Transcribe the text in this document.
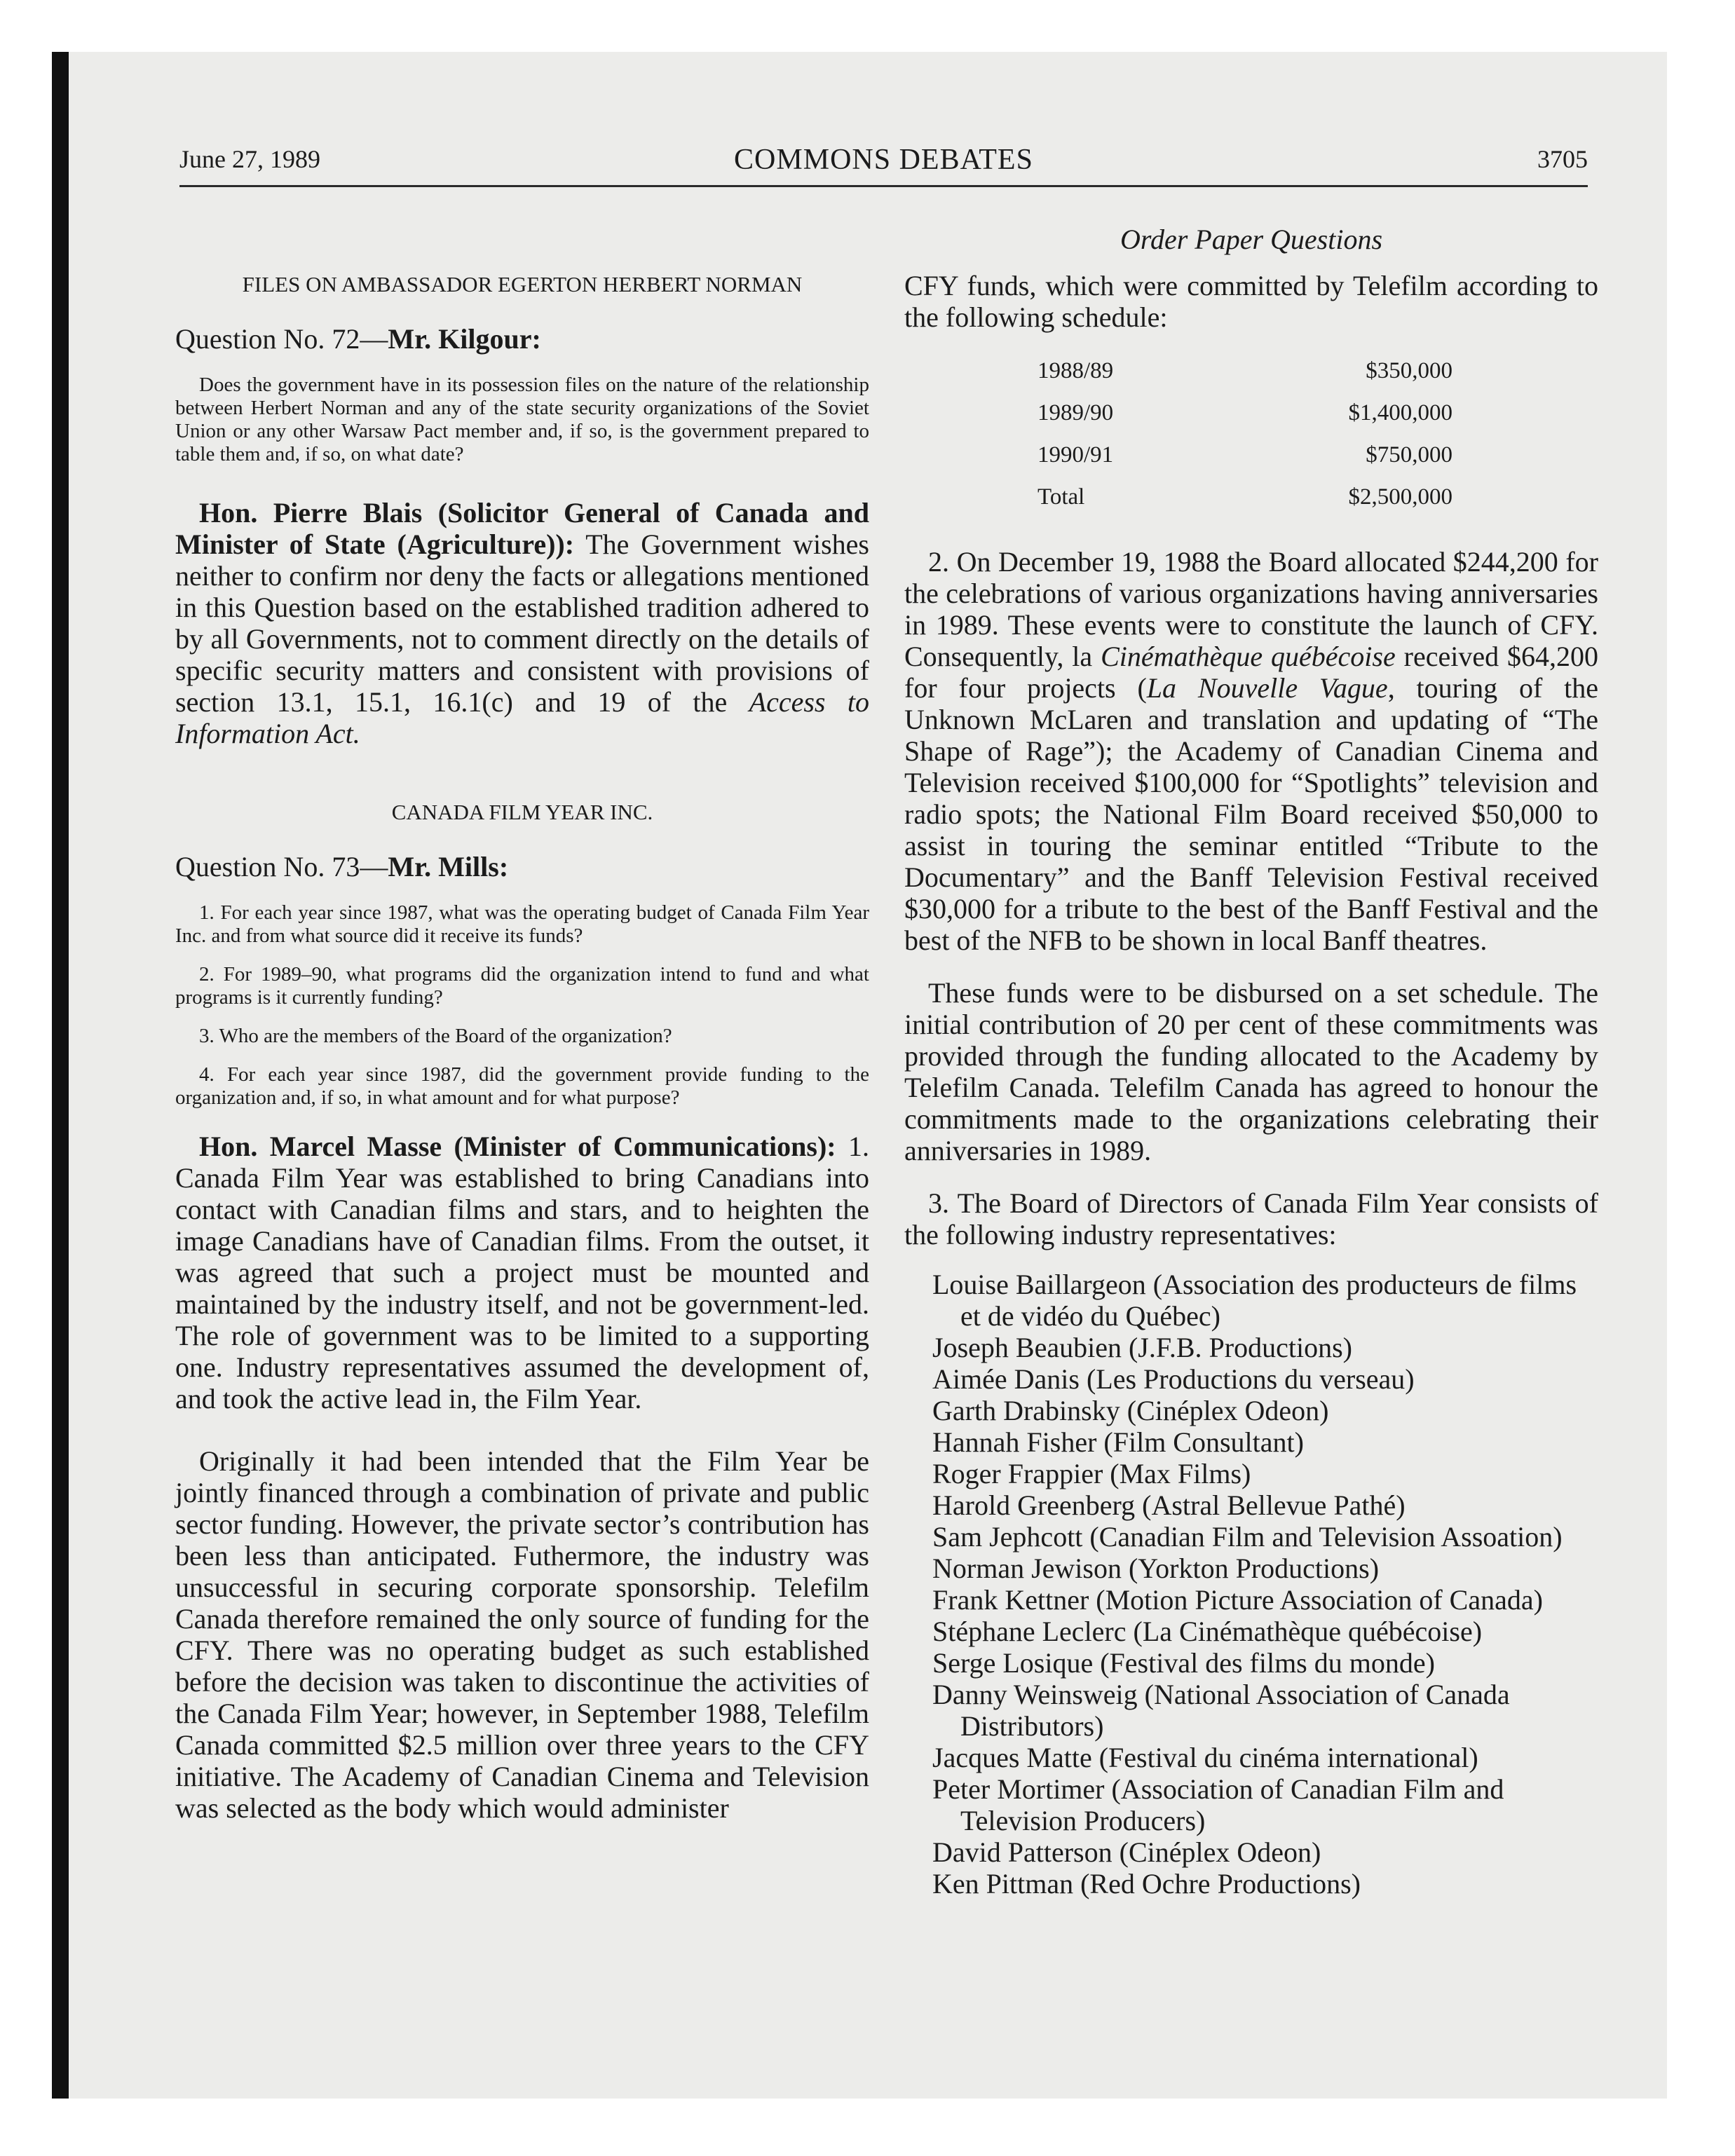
June 27, 1989	COMMONS DEBATES	3705
FILES ON AMBASSADOR EGERTON HERBERT NORMAN
Question No. 72—Mr. Kilgour:
Does the government have in its possession files on the nature of the relationship between Herbert Norman and any of the state security organizations of the Soviet Union or any other Warsaw Pact member and, if so, is the government prepared to table them and, if so, on what date?

Hon. Pierre Blais (Solicitor General of Canada and Minister of State (Agriculture)): The Government wishes neither to confirm nor deny the facts or allegations mentioned in this Question based on the established tradition adhered to by all Governments, not to comment directly on the details of specific security matters and consistent with provisions of section 13.1, 15.1, 16.1(c) and 19 of the Access to Information Act.

CANADA FILM YEAR INC.
Question No. 73—Mr. Mills:
1. For each year since 1987, what was the operating budget of Canada Film Year Inc. and from what source did it receive its funds?
2. For 1989–90, what programs did the organization intend to fund and what programs is it currently funding?
3. Who are the members of the Board of the organization?
4. For each year since 1987, did the government provide funding to the organization and, if so, in what amount and for what purpose?

Hon. Marcel Masse (Minister of Communications): 1. Canada Film Year was established to bring Canadians into contact with Canadian films and stars, and to heighten the image Canadians have of Canadian films. From the outset, it was agreed that such a project must be mounted and maintained by the industry itself, and not be government-led. The role of government was to be limited to a supporting one. Industry representatives assumed the development of, and took the active lead in, the Film Year.

Originally it had been intended that the Film Year be jointly financed through a combination of private and public sector funding. However, the private sector’s contribution has been less than anticipated. Futhermore, the industry was unsuccessful in securing corporate sponsorship. Telefilm Canada therefore remained the only source of funding for the CFY. There was no operating budget as such established before the decision was taken to discontinue the activities of the Canada Film Year; however, in September 1988, Telefilm Canada committed $2.5 million over three years to the CFY initiative. The Academy of Canadian Cinema and Television was selected as the body which would administer

Order Paper Questions

CFY funds, which were committed by Telefilm according to the following schedule:

1988/89	$350,000
1989/90	$1,400,000
1990/91	$750,000
Total	$2,500,000

2. On December 19, 1988 the Board allocated $244,200 for the celebrations of various organizations having anniversaries in 1989. These events were to constitute the launch of CFY. Consequently, la Cinémathèque québécoise received $64,200 for four projects (La Nouvelle Vague, touring of the Unknown McLaren and translation and updating of “The Shape of Rage”); the Academy of Canadian Cinema and Television received $100,000 for “Spotlights” television and radio spots; the National Film Board received $50,000 to assist in touring the seminar entitled “Tribute to the Documentary” and the Banff Television Festival received $30,000 for a tribute to the best of the Banff Festival and the best of the NFB to be shown in local Banff theatres.

These funds were to be disbursed on a set schedule. The initial contribution of 20 per cent of these commitments was provided through the funding allocated to the Academy by Telefilm Canada. Telefilm Canada has agreed to honour the commitments made to the organizations celebrating their anniversaries in 1989.

3. The Board of Directors of Canada Film Year consists of the following industry representatives:

Louise Baillargeon (Association des producteurs de films et de vidéo du Québec)
Joseph Beaubien (J.F.B. Productions)
Aimée Danis (Les Productions du verseau)
Garth Drabinsky (Cinéplex Odeon)
Hannah Fisher (Film Consultant)
Roger Frappier (Max Films)
Harold Greenberg (Astral Bellevue Pathé)
Sam Jephcott (Canadian Film and Television Assoation)
Norman Jewison (Yorkton Productions)
Frank Kettner (Motion Picture Association of Canada)
Stéphane Leclerc (La Cinémathèque québécoise)
Serge Losique (Festival des films du monde)
Danny Weinsweig (National Association of Canada Distributors)
Jacques Matte (Festival du cinéma international)
Peter Mortimer (Association of Canadian Film and Television Producers)
David Patterson (Cinéplex Odeon)
Ken Pittman (Red Ochre Productions)
